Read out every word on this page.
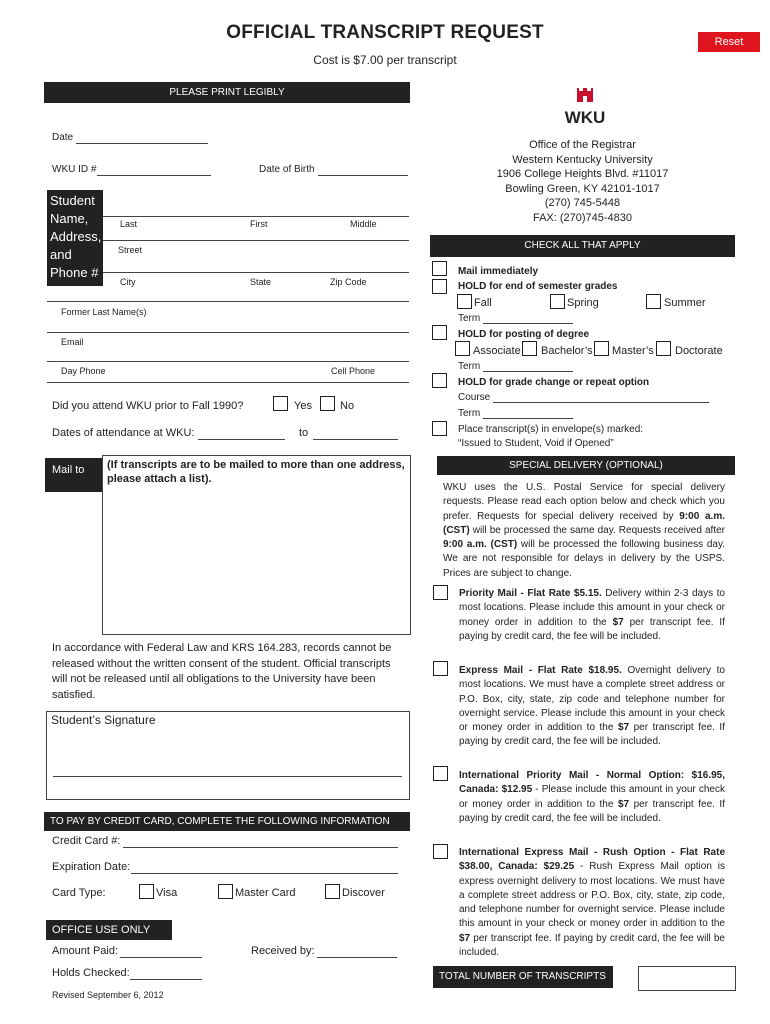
OFFICIAL TRANSCRIPT REQUEST
Cost is $7.00 per transcript
Reset
PLEASE PRINT LEGIBLY
Date
WKU ID #	Date of Birth
Student
Name,
Address,
and
Phone #
Last	First	Middle
Street
City	State	Zip Code
Former Last Name(s)
Email
Day Phone	Cell Phone
Did you attend WKU prior to Fall 1990?	Yes	No
Dates of attendance at WKU:	to
Mail to	(If transcripts are to be mailed to more than one address, please attach a list).
In accordance with Federal Law and KRS 164.283, records cannot be released without the written consent of the student. Official transcripts will not be released until all obligations to the University have been satisfied.
Student’s Signature
TO PAY BY CREDIT CARD, COMPLETE THE FOLLOWING INFORMATION
Credit Card #:
Expiration Date:
Card Type:	Visa	Master Card	Discover
OFFICE USE ONLY
Amount Paid:	Received by:
Holds Checked:
Revised September 6, 2012
WKU
Office of the Registrar
Western Kentucky University
1906 College Heights Blvd. #11017
Bowling Green, KY 42101-1017
(270) 745-5448
FAX: (270)745-4830
CHECK ALL THAT APPLY
Mail immediately
HOLD for end of semester grades
Fall	Spring	Summer
Term
HOLD for posting of degree
Associate Bachelor’s Master’s Doctorate
Term
HOLD for grade change or repeat option
Course
Term
Place transcript(s) in envelope(s) marked:
“Issued to Student, Void if Opened”
SPECIAL DELIVERY (OPTIONAL)
WKU uses the U.S. Postal Service for special delivery requests. Please read each option below and check which you prefer. Requests for special delivery received by 9:00 a.m. (CST) will be processed the same day. Requests received after 9:00 a.m. (CST) will be processed the following business day. We are not responsible for delays in delivery by the USPS. Prices are subject to change.
Priority Mail - Flat Rate $5.15. Delivery within 2-3 days to most locations. Please include this amount in your check or money order in addition to the $7 per transcript fee. If paying by credit card, the fee will be included.
Express Mail - Flat Rate $18.95. Overnight delivery to most locations. We must have a complete street address or P.O. Box, city, state, zip code and telephone number for overnight service. Please include this amount in your check or money order in addition to the $7 per transcript fee. If paying by credit card, the fee will be included.
International Priority Mail - Normal Option: $16.95, Canada: $12.95 - Please include this amount in your check or money order in addition to the $7 per transcript fee. If paying by credit card, the fee will be included.
International Express Mail - Rush Option - Flat Rate $38.00, Canada: $29.25 - Rush Express Mail option is express overnight delivery to most locations. We must have a complete street address or P.O. Box, city, state, zip code, and telephone number for overnight service. Please include this amount in your check or money order in addition to the $7 per transcript fee. If paying by credit card, the fee will be included.
TOTAL NUMBER OF TRANSCRIPTS
